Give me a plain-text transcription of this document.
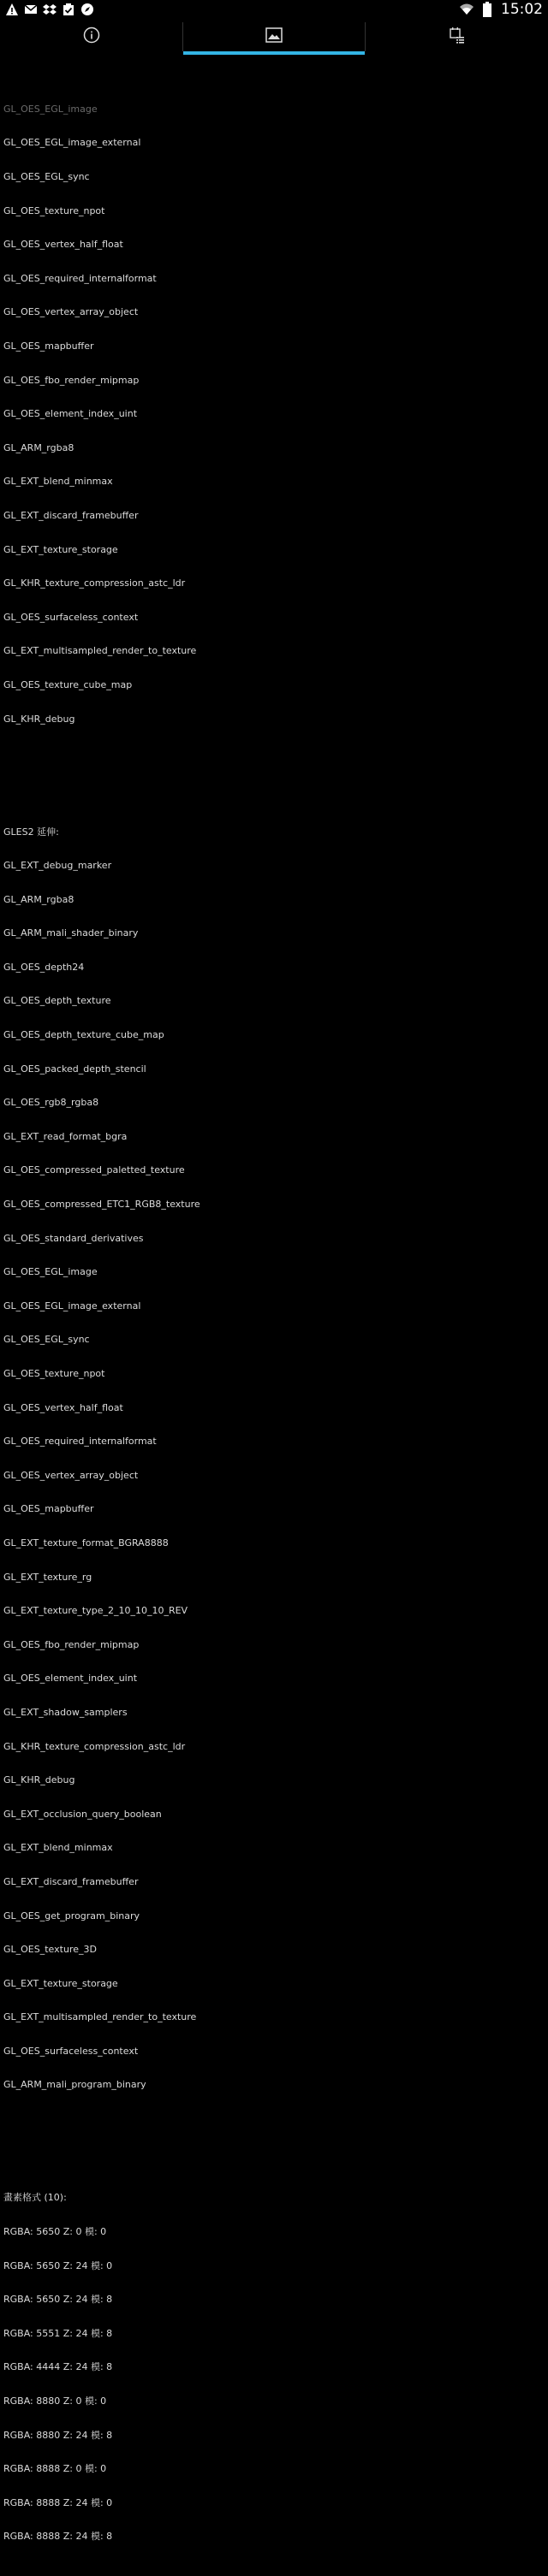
15:02

GL_OES_EGL_image

GL_OES_EGL_image_external

GL_OES_EGL_sync

GL_OES_texture_npot

GL_OES_vertex_half_float

GL_OES_required_internalformat

GL_OES_vertex_array_object

GL_OES_mapbuffer

GL_OES_fbo_render_mipmap

GL_OES_element_index_uint

GL_ARM_rgba8

GL_EXT_blend_minmax

GL_EXT_discard_framebuffer

GL_EXT_texture_storage

GL_KHR_texture_compression_astc_ldr

GL_OES_surfaceless_context

GL_EXT_multisampled_render_to_texture

GL_OES_texture_cube_map

GL_KHR_debug

GLES2 延伸:

GL_EXT_debug_marker

GL_ARM_rgba8

GL_ARM_mali_shader_binary

GL_OES_depth24

GL_OES_depth_texture

GL_OES_depth_texture_cube_map

GL_OES_packed_depth_stencil

GL_OES_rgb8_rgba8

GL_EXT_read_format_bgra

GL_OES_compressed_paletted_texture

GL_OES_compressed_ETC1_RGB8_texture

GL_OES_standard_derivatives

GL_OES_EGL_image

GL_OES_EGL_image_external

GL_OES_EGL_sync

GL_OES_texture_npot

GL_OES_vertex_half_float

GL_OES_required_internalformat

GL_OES_vertex_array_object

GL_OES_mapbuffer

GL_EXT_texture_format_BGRA8888

GL_EXT_texture_rg

GL_EXT_texture_type_2_10_10_10_REV

GL_OES_fbo_render_mipmap

GL_OES_element_index_uint

GL_EXT_shadow_samplers

GL_KHR_texture_compression_astc_ldr

GL_KHR_debug

GL_EXT_occlusion_query_boolean

GL_EXT_blend_minmax

GL_EXT_discard_framebuffer

GL_OES_get_program_binary

GL_OES_texture_3D

GL_EXT_texture_storage

GL_EXT_multisampled_render_to_texture

GL_OES_surfaceless_context

GL_ARM_mali_program_binary

畫素格式 (10):

RGBA: 5650 Z: 0 模: 0

RGBA: 5650 Z: 24 模: 0

RGBA: 5650 Z: 24 模: 8

RGBA: 5551 Z: 24 模: 8

RGBA: 4444 Z: 24 模: 8

RGBA: 8880 Z: 0 模: 0

RGBA: 8880 Z: 24 模: 8

RGBA: 8888 Z: 0 模: 0

RGBA: 8888 Z: 24 模: 0

RGBA: 8888 Z: 24 模: 8
